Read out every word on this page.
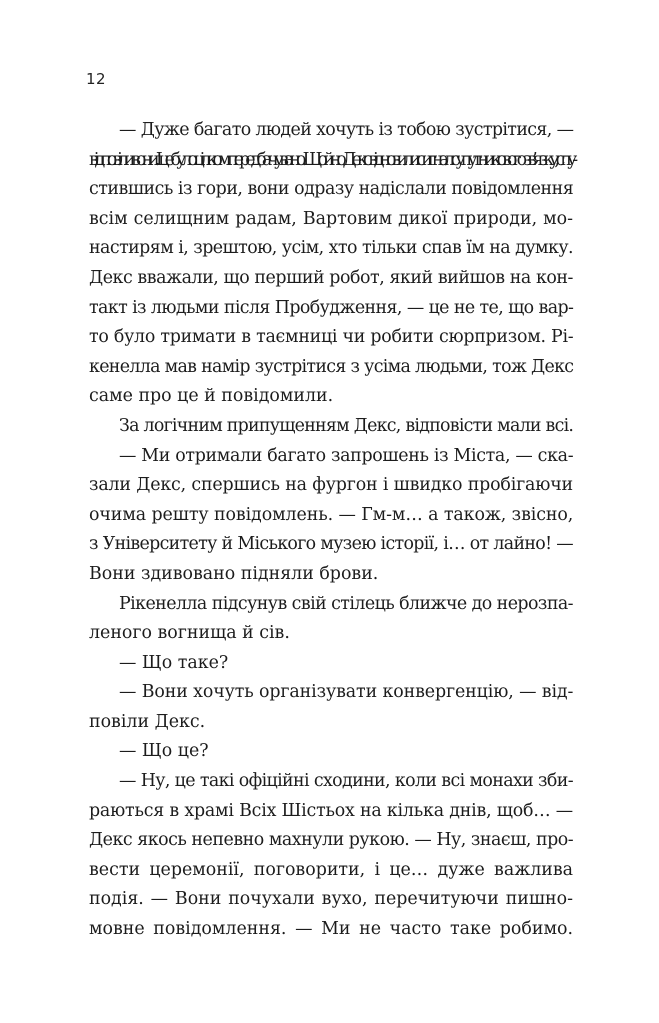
12
— Дуже багато людей хочуть із тобою зустрітися, —
відповіли вони. І це було цілком передбачувано. Щойно Декс відновили сигнал супутникового зв’язку, спу-
стившись із гори, вони одразу надіслали повідомлення
всім селищним радам, Вартовим дикої природи, мо-
настирям і, зрештою, усім, хто тільки спав їм на думку.
Декс вважали, що перший робот, який вийшов на кон-
такт із людьми після Пробудження, — це не те, що вар-
то було тримати в таємниці чи робити сюрпризом. Рі-
кенелла мав намір зустрітися з усіма людьми, тож Декс
саме про це й повідомили.
За логічним припущенням Декс, відповісти мали всі.
— Ми отримали багато запрошень із Міста, — ска-
зали Декс, спершись на фургон і швидко пробігаючи
очима решту повідомлень. — Гм-м… а також, звісно,
з Університету й Міського музею історії, і… от лайно! —
Вони здивовано підняли брови.
Рікенелла підсунув свій стілець ближче до нерозпа-
леного вогнища й сів.
— Що таке?
— Вони хочуть організувати конвергенцію, — від-
повіли Декс.
— Що це?
— Ну, це такі офіційні сходини, коли всі монахи зби-
раються в храмі Всіх Шістьох на кілька днів, щоб… —
Декс якось непевно махнули рукою. — Ну, знаєш, про-
вести церемонії, поговорити, і це… дуже важлива
подія. — Вони почухали вухо, перечитуючи пишно-
мовне повідомлення. — Ми не часто таке робимо.
